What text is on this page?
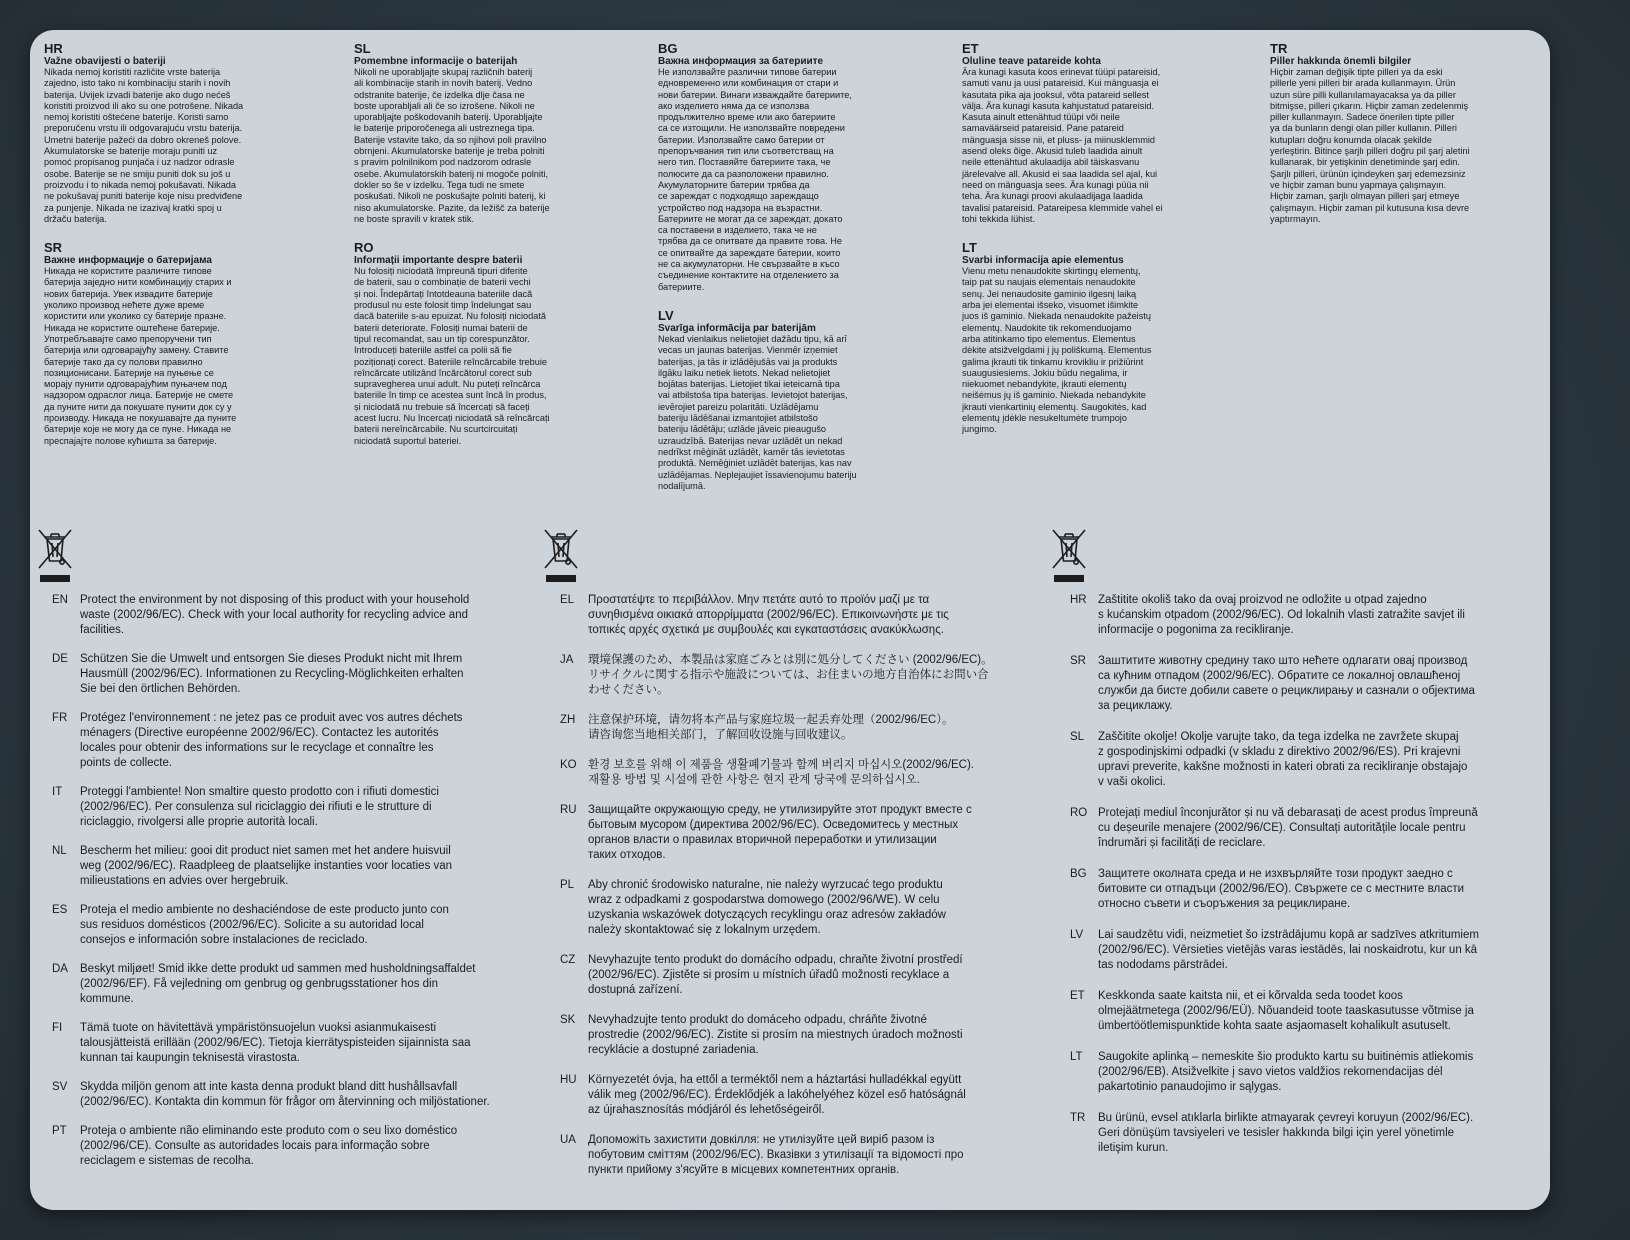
HR
Važne obavijesti o bateriji

Nikada nemoj koristiti različite vrste baterija
zajedno, isto tako ni kombinaciju starih i novih
baterija. Uvijek izvadi baterije ako dugo nećeš
koristiti proizvod ili ako su one potrošene. Nikada
nemoj koristiti oštećene baterije. Koristi samo
preporučenu vrstu ili odgovarajuću vrstu baterija.
Umetni baterije pažeći da dobro okreneš polove.
Akumulatorske se baterije moraju puniti uz
pomoć propisanog punjača i uz nadzor odrasle
osobe. Baterije se ne smiju puniti dok su još u
proizvodu i to nikada nemoj pokušavati. Nikada
ne pokušavaj puniti baterije koje nisu predviđene
za punjenje. Nikada ne izazivaj kratki spoj u
držaču baterija.

SR
Важне информације о батеријама

Никада не користите различите типове
батерија заједно нити комбинацију старих и
нових батерија. Увек извадите батерије
уколико производ нећете дуже време
користити или уколико су батерије празне.
Никада не користите оштећене батерије.
Употребљавајте само препоручени тип
батерија или одговарајућу замену. Ставите
батерије тако да су полови правилно
позиционисани. Батерије на пуњење се
морају пунити одговарајућим пуњачем под
надзором одраслог лица. Батерије не смете
да пуните нити да покушате пунити док су у
производу. Никада не покушавајте да пуните
батерије које не могу да се пуне. Никада не
преспајајте полове кућишта за батерије.

SL
Pomembne informacije o baterijah

Nikoli ne uporabljajte skupaj različnih baterij
ali kombinacije starih in novih baterij. Vedno
odstranite baterije, če izdelka dlje časa ne
boste uporabljali ali če so izrošene. Nikoli ne
uporabljajte poškodovanih baterij. Uporabljajte
le baterije priporočenega ali ustreznega tipa.
Baterije vstavite tako, da so njihovi poli pravilno
obrnjeni. Akumulatorske baterije je treba polniti
s pravim polnilnikom pod nadzorom odrasle
osebe. Akumulatorskih baterij ni mogoče polniti,
dokler so še v izdelku. Tega tudi ne smete
poskušati. Nikoli ne poskušajte polniti baterij, ki
niso akumulatorske. Pazite, da ležišč za baterije
ne boste spravili v kratek stik.

RO
Informații importante despre baterii

Nu folosiți niciodată împreună tipuri diferite
de baterii, sau o combinație de baterii vechi
și noi. Îndepărtați întotdeauna bateriile dacă
produsul nu este folosit timp îndelungat sau
dacă bateriile s-au epuizat. Nu folosiți niciodată
baterii deteriorate. Folosiți numai baterii de
tipul recomandat, sau un tip corespunzător.
Introduceți bateriile astfel ca polii să fie
poziționați corect. Bateriile reîncărcabile trebuie
reîncărcate utilizând încărcătorul corect sub
supravegherea unui adult. Nu puteți reîncărca
bateriile în timp ce acestea sunt încă în produs,
și niciodată nu trebuie să încercați să faceți
acest lucru. Nu încercați niciodată să reîncărcați
baterii nereîncărcabile. Nu scurtcircuitați
niciodată suportul bateriei.

BG
Важна информация за батериите

Не използвайте различни типове батерии
едновременно или комбинация от стари и
нови батерии. Винаги изваждайте батериите,
ако изделието няма да се използва
продължително време или ако батериите
са се изтощили. Не използвайте повредени
батерии. Използвайте само батерии от
препоръчвания тип или съответстващ на
него тип. Поставяйте батериите така, че
полюсите да са разположени правилно.
Акумулаторните батерии трябва да
се зареждат с подходящо зареждащо
устройство под надзора на възрастни.
Батериите не могат да се зареждат, докато
са поставени в изделието, така че не
трябва да се опитвате да правите това. Не
се опитвайте да зареждате батерии, които
не са акумулаторни. Не свързвайте в късо
съединение контактите на отделението за
батериите.

LV
Svarīga informācija par baterijām

Nekad vienlaikus nelietojiet dažādu tipu, kā arī
vecas un jaunas baterijas. Vienmēr izņemiet
baterijas, ja tās ir izlādējušās vai ja produkts
ilgāku laiku netiek lietots. Nekad nelietojiet
bojātas baterijas. Lietojiet tikai ieteicamā tipa
vai atbilstoša tipa baterijas. Ievietojot baterijas,
ievērojiet pareizu polaritāti. Uzlādējamu
bateriju lādēšanai izmantojiet atbilstošo
bateriju lādētāju; uzlāde jāveic pieaugušo
uzraudzībā. Baterijas nevar uzlādēt un nekad
nedrīkst mēģināt uzlādēt, kamēr tās ievietotas
produktā. Nemēģiniet uzlādēt baterijas, kas nav
uzlādējamas. Neplejaujiet īssavienojumu bateriju
nodalījumā.

ET
Oluline teave patareide kohta

Ära kunagi kasuta koos erinevat tüüpi patareisid,
samuti vanu ja uusi patareisid. Kui mänguasja ei
kasutata pika aja jooksul, võta patareid sellest
välja. Ära kunagi kasuta kahjustatud patareisid.
Kasuta ainult ettenähtud tüüpi või neile
samaväärseid patareisid. Pane patareid
mänguasja sisse nii, et pluss- ja miinusklemmid
asend oleks õige. Akusid tuleb laadida ainult
neile ettenähtud akulaadija abil täiskasvanu
järelevalve all. Akusid ei saa laadida sel ajal, kui
need on mänguasja sees. Ära kunagi püüa nii
teha. Ära kunagi proovi akulaadijaga laadida
tavalisi patareisid. Patareipesa klemmide vahel ei
tohi tekkida lühist.

LT
Svarbi informacija apie elementus

Vienu metu nenaudokite skirtingų elementų,
taip pat su naujais elementais nenaudokite
senų. Jei nenaudosite gaminio ilgesnį laiką
arba jei elementai išseko, visuomet išimkite
juos iš gaminio. Niekada nenaudokite pažeistų
elementų. Naudokite tik rekomenduojamo
arba atitinkamo tipo elementus. Elementus
dėkite atsižvelgdami į jų poliškumą. Elementus
galima įkrauti tik tinkamu krovikliu ir prižiūrint
suaugusiesiems. Jokiu būdu negalima, ir
niekuomet nebandykite, įkrauti elementų
neišėmus jų iš gaminio. Niekada nebandykite
įkrauti vienkartinių elementų. Saugokitės, kad
elementų įdėkle nesukeltumėte trumpojo
jungimo.

TR
Piller hakkında önemli bilgiler

Hiçbir zaman değişik tipte pilleri ya da eski
pillerle yeni pilleri bir arada kullanmayın. Ürün
uzun süre pilli kullanılamayacaksa ya da piller
bitmişse, pilleri çıkarın. Hiçbir zaman zedelenmiş
piller kullanmayın. Sadece önerilen tipte piller
ya da bunların dengi olan piller kullanın. Pilleri
kutupları doğru konumda olacak şekilde
yerleştirin. Bitince şarjlı pilleri doğru pil şarj aletini
kullanarak, bir yetişkinin denetiminde şarj edin.
Şarjlı pilleri, ürünün içindeyken şarj edemezsiniz
ve hiçbir zaman bunu yapmaya çalışmayın.
Hiçbir zaman, şarjlı olmayan pilleri şarj etmeye
çalışmayın. Hiçbir zaman pil kutusuna kısa devre
yaptırmayın.

EN Protect the environment by not disposing of this product with your household
waste (2002/96/EC). Check with your local authority for recycling advice and
facilities.
DE Schützen Sie die Umwelt und entsorgen Sie dieses Produkt nicht mit Ihrem
Hausmüll (2002/96/EC). Informationen zu Recycling-Möglichkeiten erhalten
Sie bei den örtlichen Behörden.
FR Protégez l'environnement : ne jetez pas ce produit avec vos autres déchets
ménagers (Directive européenne 2002/96/EC). Contactez les autorités
locales pour obtenir des informations sur le recyclage et connaître les
points de collecte.
IT Proteggi l'ambiente! Non smaltire questo prodotto con i rifiuti domestici
(2002/96/EC). Per consulenza sul riciclaggio dei rifiuti e le strutture di
riciclaggio, rivolgersi alle proprie autorità locali.
NL Bescherm het milieu: gooi dit product niet samen met het andere huisvuil
weg (2002/96/EC). Raadpleeg de plaatselijke instanties voor locaties van
milieustations en advies over hergebruik.
ES Proteja el medio ambiente no deshaciéndose de este producto junto con
sus residuos domésticos (2002/96/EC). Solicite a su autoridad local
consejos e información sobre instalaciones de reciclado.
DA Beskyt miljøet! Smid ikke dette produkt ud sammen med husholdningsaffaldet
(2002/96/EF). Få vejledning om genbrug og genbrugsstationer hos din
kommune.
FI Tämä tuote on hävitettävä ympäristönsuojelun vuoksi asianmukaisesti
talousjätteistä erillään (2002/96/EC). Tietoja kierrätyspisteiden sijainnista saa
kunnan tai kaupungin teknisestä virastosta.
SV Skydda miljön genom att inte kasta denna produkt bland ditt hushållsavfall
(2002/96/EC). Kontakta din kommun för frågor om återvinning och miljöstationer.
PT Proteja o ambiente não eliminando este produto com o seu lixo doméstico
(2002/96/CE). Consulte as autoridades locais para informação sobre
reciclagem e sistemas de recolha.
EL Προστατέψτε το περιβάλλον. Μην πετάτε αυτό το προϊόν μαζί με τα
συνηθισμένα οικιακά απορρίμματα (2002/96/EC). Επικοινωνήστε με τις
τοπικές αρχές σχετικά με συμβουλές και εγκαταστάσεις ανακύκλωσης.
JA 環境保護のため、本製品は家庭ごみとは別に処分してください (2002/96/EC)。
リサイクルに関する指示や施設については、お住まいの地方自治体にお問い合
わせください。
ZH 注意保护环境，请勿将本产品与家庭垃圾一起丢弃处理（2002/96/EC）。
请咨询您当地相关部门，了解回收设施与回收建议。
KO 환경 보호를 위해 이 제품을 생활폐기물과 함께 버리지 마십시오(2002/96/EC).
재활용 방법 및 시설에 관한 사항은 현지 관계 당국에 문의하십시오.
RU Защищайте окружающую среду, не утилизируйте этот продукт вместе с
бытовым мусором (директива 2002/96/EC). Осведомитесь у местных
органов власти о правилах вторичной переработки и утилизации
таких отходов.
PL Aby chronić środowisko naturalne, nie należy wyrzucać tego produktu
wraz z odpadkami z gospodarstwa domowego (2002/96/WE). W celu
uzyskania wskazówek dotyczących recyklingu oraz adresów zakładów
należy skontaktować się z lokalnym urzędem.
CZ Nevyhazujte tento produkt do domácího odpadu, chraňte životní prostředí
(2002/96/EC). Zjistěte si prosím u místních úřadů možnosti recyklace a
dostupná zařízení.
SK Nevyhadzujte tento produkt do domáceho odpadu, chráňte životné
prostredie (2002/96/EC). Zistite si prosím na miestnych úradoch možnosti
recyklácie a dostupné zariadenia.
HU Környezetét óvja, ha ettől a terméktől nem a háztartási hulladékkal együtt
válik meg (2002/96/EC). Érdeklődjék a lakóhelyéhez közel eső hatóságnál
az újrahasznosítás módjáról és lehetőségeiről.
UA Допоможіть захистити довкілля: не утилізуйте цей виріб разом із
побутовим сміттям (2002/96/EC). Вказівки з утилізації та відомості про
пункти прийому з'ясуйте в місцевих компетентних органів.
HR Zaštitite okoliš tako da ovaj proizvod ne odložite u otpad zajedno
s kućanskim otpadom (2002/96/EC). Od lokalnih vlasti zatražite savjet ili
informacije o pogonima za recikliranje.
SR Заштитите животну средину тако што нећете одлагати овај производ
са кућним отпадом (2002/96/EC). Обратите се локалној овлашћеној
служби да бисте добили савете о рециклирању и сазнали о објектима
за рециклажу.
SL Zaščitite okolje! Okolje varujte tako, da tega izdelka ne zavržete skupaj
z gospodinjskimi odpadki (v skladu z direktivo 2002/96/ES). Pri krajevni
upravi preverite, kakšne možnosti in kateri obrati za recikliranje obstajajo
v vaši okolici.
RO Protejați mediul înconjurător și nu vă debarasați de acest produs împreună
cu deșeurile menajere (2002/96/CE). Consultați autoritățile locale pentru
îndrumări și facilități de reciclare.
BG Защитете околната среда и не изхвърляйте този продукт заедно с
битовите си отпадъци (2002/96/EO). Свържете се с местните власти
относно съвети и съоръжения за рециклиране.
LV Lai saudzētu vidi, neizmetiet šo izstrādājumu kopā ar sadzīves atkritumiem
(2002/96/EC). Vērsieties vietējās varas iestādēs, lai noskaidrotu, kur un kā
tas nododams pārstrādei.
ET Keskkonda saate kaitsta nii, et ei kõrvalda seda toodet koos
olmejäätmetega (2002/96/EÜ). Nõuandeid toote taaskasutusse võtmise ja
ümbertöötlemispunktide kohta saate asjaomaselt kohalikult asutuselt.
LT Saugokite aplinką – nemeskite šio produkto kartu su buitinėmis atliekomis
(2002/96/EB). Atsižvelkite į savo vietos valdžios rekomendacijas dėl
pakartotinio panaudojimo ir sąlygas.
TR Bu ürünü, evsel atıklarla birlikte atmayarak çevreyi koruyun (2002/96/EC).
Geri dönüşüm tavsiyeleri ve tesisler hakkında bilgi için yerel yönetimle
iletişim kurun.
